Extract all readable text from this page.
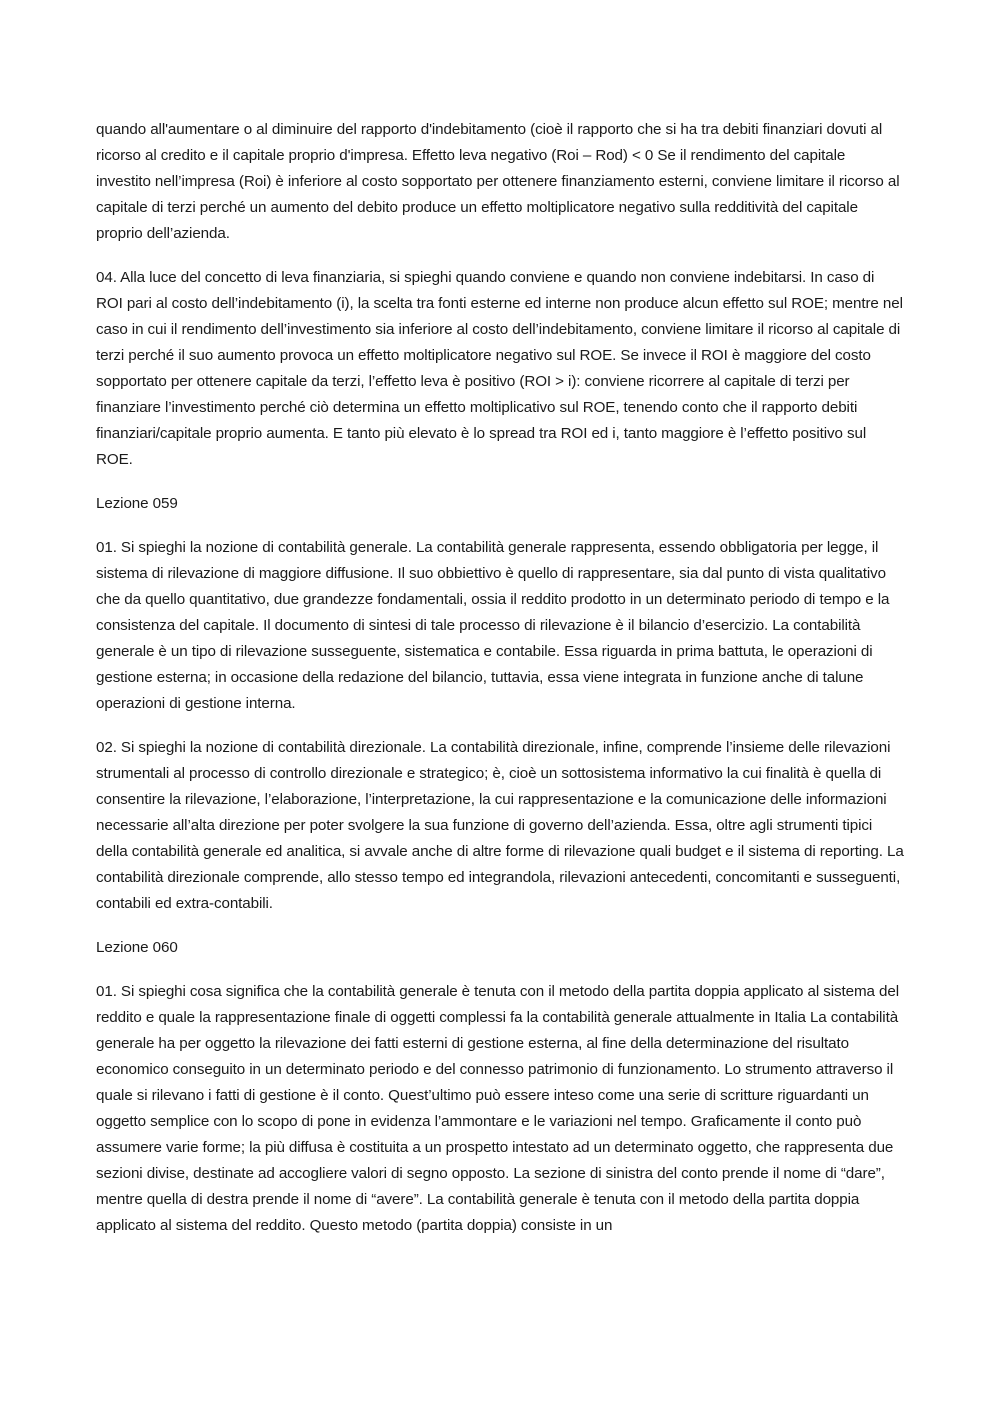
quando all'aumentare o al diminuire del rapporto d'indebitamento (cioè il rapporto che si ha tra debiti finanziari dovuti al ricorso al credito e il capitale proprio d'impresa. Effetto leva negativo (Roi – Rod) < 0 Se il rendimento del capitale investito nell’impresa (Roi) è inferiore al costo sopportato per ottenere finanziamento esterni, conviene limitare il ricorso al capitale di terzi perché un aumento del debito produce un effetto moltiplicatore negativo sulla redditività del capitale proprio dell’azienda.

04. Alla luce del concetto di leva finanziaria, si spieghi quando conviene e quando non conviene indebitarsi. In caso di ROI pari al costo dell’indebitamento (i), la scelta tra fonti esterne ed interne non produce alcun effetto sul ROE; mentre nel caso in cui il rendimento dell’investimento sia inferiore al costo dell’indebitamento, conviene limitare il ricorso al capitale di terzi perché il suo aumento provoca un effetto moltiplicatore negativo sul ROE. Se invece il ROI è maggiore del costo sopportato per ottenere capitale da terzi, l’effetto leva è positivo (ROI > i): conviene ricorrere al capitale di terzi per finanziare l’investimento perché ciò determina un effetto moltiplicativo sul ROE, tenendo conto che il rapporto debiti finanziari/capitale proprio aumenta. E tanto più elevato è lo spread tra ROI ed i, tanto maggiore è l’effetto positivo sul ROE.

Lezione 059

01. Si spieghi la nozione di contabilità generale. La contabilità generale rappresenta, essendo obbligatoria per legge, il sistema di rilevazione di maggiore diffusione. Il suo obbiettivo è quello di rappresentare, sia dal punto di vista qualitativo che da quello quantitativo, due grandezze fondamentali, ossia il reddito prodotto in un determinato periodo di tempo e la consistenza del capitale. Il documento di sintesi di tale processo di rilevazione è il bilancio d’esercizio. La contabilità generale è un tipo di rilevazione susseguente, sistematica e contabile. Essa riguarda in prima battuta, le operazioni di gestione esterna; in occasione della redazione del bilancio, tuttavia, essa viene integrata in funzione anche di talune operazioni di gestione interna.

02. Si spieghi la nozione di contabilità direzionale. La contabilità direzionale, infine, comprende l’insieme delle rilevazioni strumentali al processo di controllo direzionale e strategico; è, cioè un sottosistema informativo la cui finalità è quella di consentire la rilevazione, l’elaborazione, l’interpretazione, la cui rappresentazione e la comunicazione delle informazioni necessarie all’alta direzione per poter svolgere la sua funzione di governo dell’azienda. Essa, oltre agli strumenti tipici della contabilità generale ed analitica, si avvale anche di altre forme di rilevazione quali budget e il sistema di reporting. La contabilità direzionale comprende, allo stesso tempo ed integrandola, rilevazioni antecedenti, concomitanti e susseguenti, contabili ed extra-contabili.

Lezione 060

01. Si spieghi cosa significa che la contabilità generale è tenuta con il metodo della partita doppia applicato al sistema del reddito e quale la rappresentazione finale di oggetti complessi fa la contabilità generale attualmente in Italia La contabilità generale ha per oggetto la rilevazione dei fatti esterni di gestione esterna, al fine della determinazione del risultato economico conseguito in un determinato periodo e del connesso patrimonio di funzionamento. Lo strumento attraverso il quale si rilevano i fatti di gestione è il conto. Quest’ultimo può essere inteso come una serie di scritture riguardanti un oggetto semplice con lo scopo di pone in evidenza l’ammontare e le variazioni nel tempo. Graficamente il conto può assumere varie forme; la più diffusa è costituita a un prospetto intestato ad un determinato oggetto, che rappresenta due sezioni divise, destinate ad accogliere valori di segno opposto. La sezione di sinistra del conto prende il nome di “dare”, mentre quella di destra prende il nome di “avere”. La contabilità generale è tenuta con il metodo della partita doppia applicato al sistema del reddito. Questo metodo (partita doppia) consiste in un
